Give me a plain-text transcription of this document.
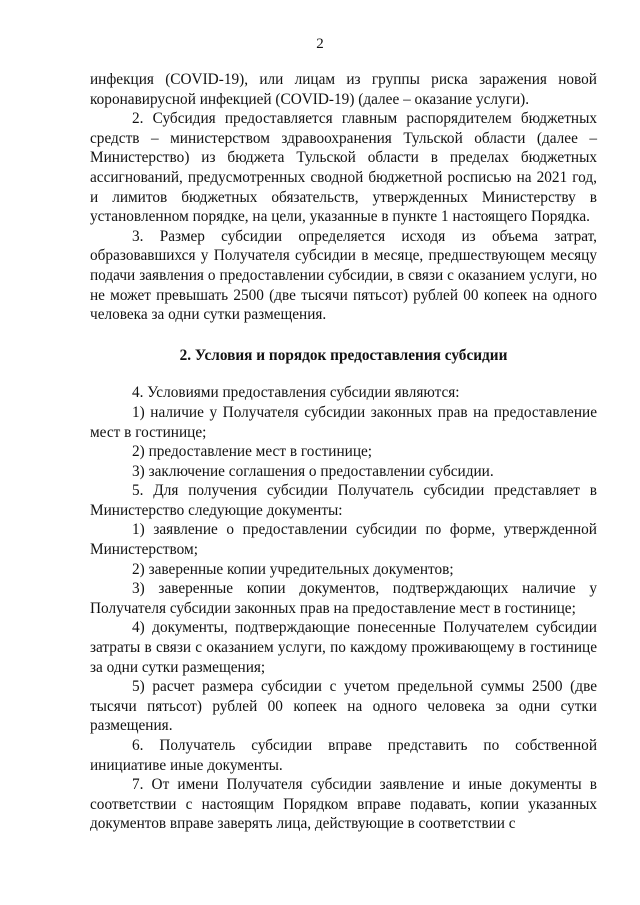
2

инфекция (COVID-19), или лицам из группы риска заражения новой коронавирусной инфекцией (COVID-19) (далее – оказание услуги).

2. Субсидия предоставляется главным распорядителем бюджетных средств – министерством здравоохранения Тульской области (далее – Министерство) из бюджета Тульской области в пределах бюджетных ассигнований, предусмотренных сводной бюджетной росписью на 2021 год, и лимитов бюджетных обязательств, утвержденных Министерству в установленном порядке, на цели, указанные в пункте 1 настоящего Порядка.

3. Размер субсидии определяется исходя из объема затрат, образовавшихся у Получателя субсидии в месяце, предшествующем месяцу подачи заявления о предоставлении субсидии, в связи с оказанием услуги, но не может превышать 2500 (две тысячи пятьсот) рублей 00 копеек на одного человека за одни сутки размещения.

2. Условия и порядок предоставления субсидии

4. Условиями предоставления субсидии являются:

1) наличие у Получателя субсидии законных прав на предоставление мест в гостинице;

2) предоставление мест в гостинице;

3) заключение соглашения о предоставлении субсидии.

5. Для получения субсидии Получатель субсидии представляет в Министерство следующие документы:

1) заявление о предоставлении субсидии по форме, утвержденной Министерством;

2) заверенные копии учредительных документов;

3) заверенные копии документов, подтверждающих наличие у Получателя субсидии законных прав на предоставление мест в гостинице;

4) документы, подтверждающие понесенные Получателем субсидии затраты в связи с оказанием услуги, по каждому проживающему в гостинице за одни сутки размещения;

5) расчет размера субсидии с учетом предельной суммы 2500 (две тысячи пятьсот) рублей 00 копеек на одного человека за одни сутки размещения.

6. Получатель субсидии вправе представить по собственной инициативе иные документы.

7. От имени Получателя субсидии заявление и иные документы в соответствии с настоящим Порядком вправе подавать, копии указанных документов вправе заверять лица, действующие в соответствии с
